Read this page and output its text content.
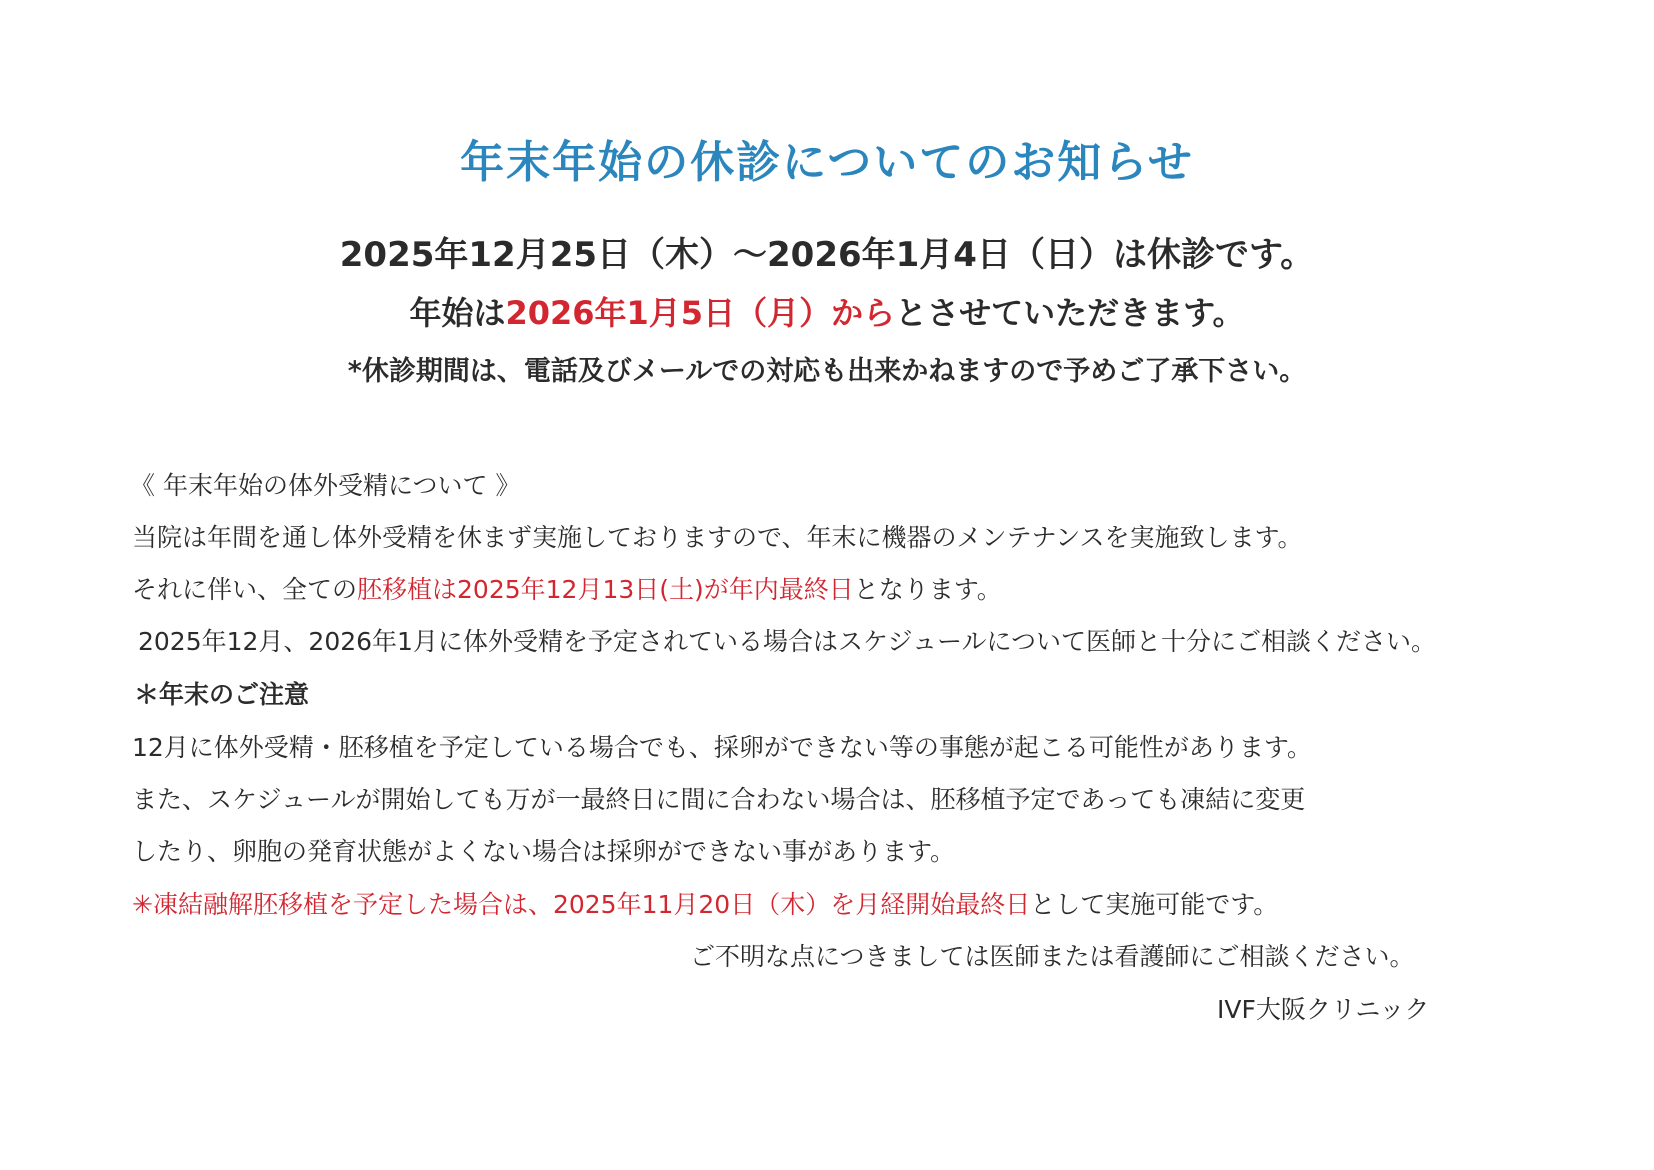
年末年始の休診についてのお知らせ
2025年12月25日（木）～2026年1月4日（日）は休診です。
年始は2026年1月5日（月）からとさせていただきます。
*休診期間は、電話及びメールでの対応も出来かねますので予めご了承下さい。
《 年末年始の体外受精について 》
当院は年間を通し体外受精を休まず実施しておりますので、年末に機器のメンテナンスを実施致します。
それに伴い、全ての胚移植は2025年12月13日(土)が年内最終日となります。
2025年12月、2026年1月に体外受精を予定されている場合はスケジュールについて医師と十分にご相談ください。
＊年末のご注意
12月に体外受精・胚移植を予定している場合でも、採卵ができない等の事態が起こる可能性があります。
また、スケジュールが開始しても万が一最終日に間に合わない場合は、胚移植予定であっても凍結に変更
したり、卵胞の発育状態がよくない場合は採卵ができない事があります。
✳凍結融解胚移植を予定した場合は、2025年11月20日（木）を月経開始最終日として実施可能です。
ご不明な点につきましては医師または看護師にご相談ください。
IVF大阪クリニック
